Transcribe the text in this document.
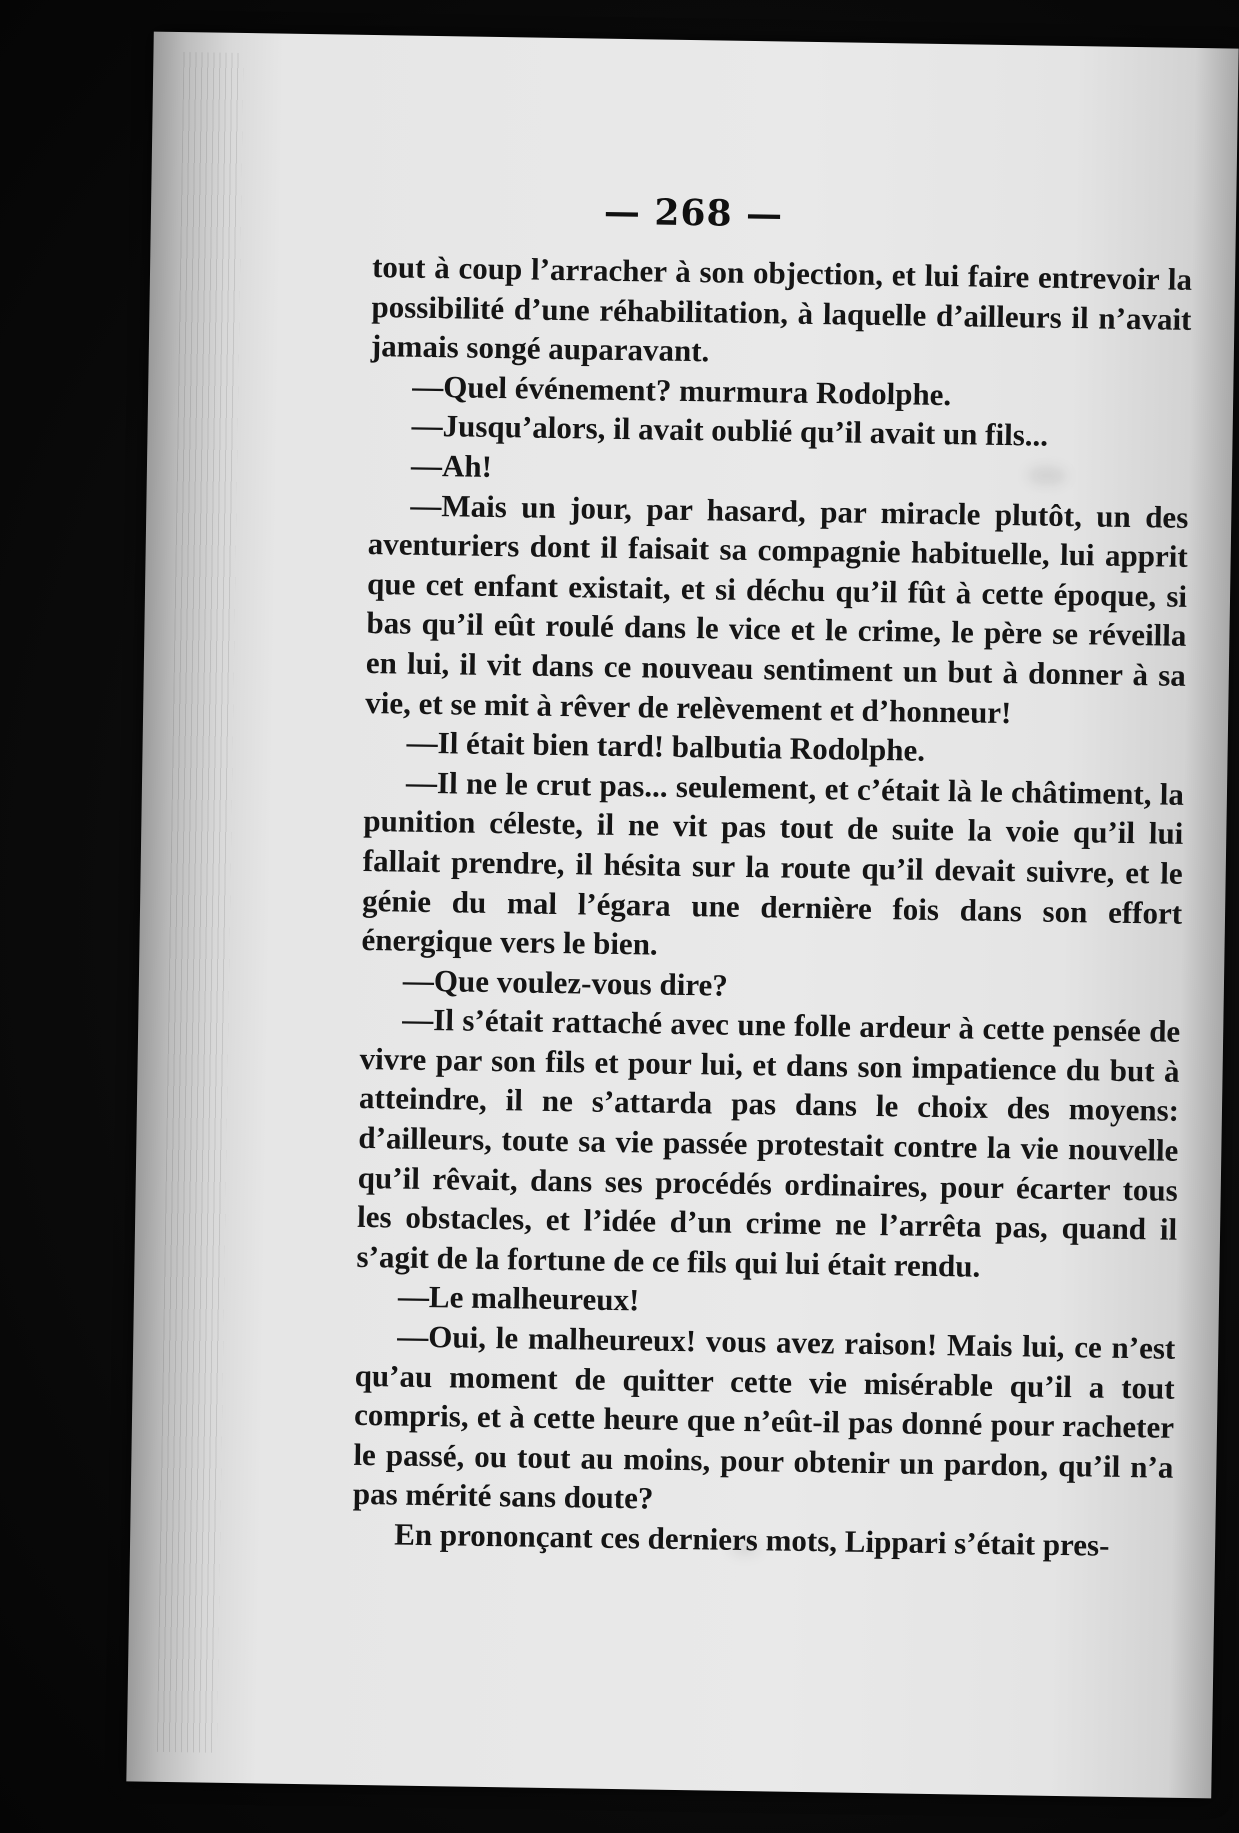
— 268 —

tout à coup l’arracher à son objection, et lui faire entrevoir la possibilité d’une réhabilitation, à laquelle d’ailleurs il n’avait jamais songé auparavant.

—Quel événement? murmura Rodolphe.

—Jusqu’alors, il avait oublié qu’il avait un fils...

—Ah!

—Mais un jour, par hasard, par miracle plutôt, un des aventuriers dont il faisait sa compagnie habituelle, lui apprit que cet enfant existait, et si déchu qu’il fût à cette époque, si bas qu’il eût roulé dans le vice et le crime, le père se réveilla en lui, il vit dans ce nouveau sentiment un but à donner à sa vie, et se mit à rêver de relèvement et d’honneur!

—Il était bien tard! balbutia Rodolphe.

—Il ne le crut pas... seulement, et c’était là le châtiment, la punition céleste, il ne vit pas tout de suite la voie qu’il lui fallait prendre, il hésita sur la route qu’il devait suivre, et le génie du mal l’égara une dernière fois dans son effort énergique vers le bien.

—Que voulez-vous dire?

—Il s’était rattaché avec une folle ardeur à cette pensée de vivre par son fils et pour lui, et dans son impatience du but à atteindre, il ne s’attarda pas dans le choix des moyens: d’ailleurs, toute sa vie passée protestait contre la vie nouvelle qu’il rêvait, dans ses procédés ordinaires, pour écarter tous les obstacles, et l’idée d’un crime ne l’arrêta pas, quand il s’agit de la fortune de ce fils qui lui était rendu.

—Le malheureux!

—Oui, le malheureux! vous avez raison! Mais lui, ce n’est qu’au moment de quitter cette vie misérable qu’il a tout compris, et à cette heure que n’eût-il pas donné pour racheter le passé, ou tout au moins, pour obtenir un pardon, qu’il n’a pas mérité sans doute?

En prononçant ces derniers mots, Lippari s’était pres-
